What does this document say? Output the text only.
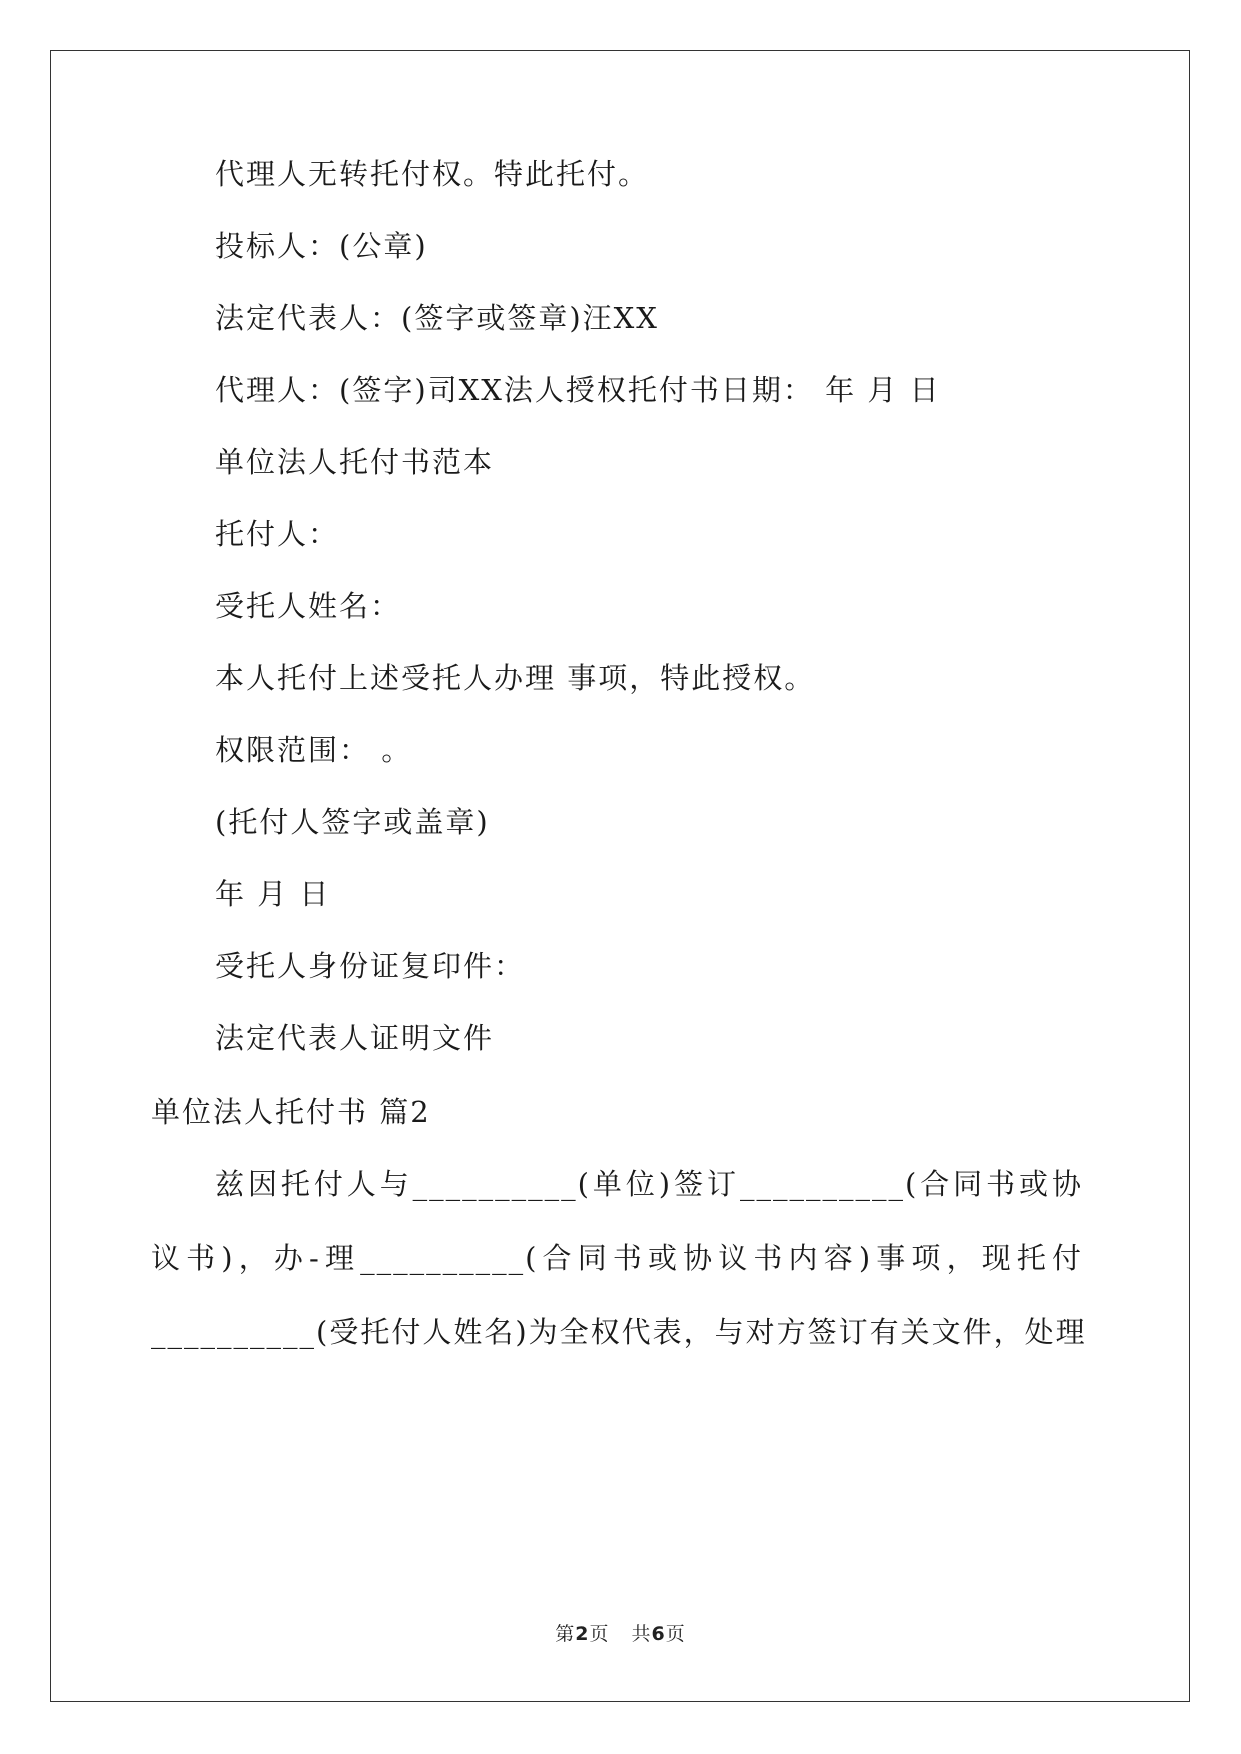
代理人无转托付权。特此托付。
投标人：(公章)
法定代表人：(签字或签章)汪XX
代理人：(签字)司XX法人授权托付书日期： 年 月 日
单位法人托付书范本
托付人：
受托人姓名：
本人托付上述受托人办理 事项，特此授权。
权限范围： 。
(托付人签字或盖章)
年 月 日
受托人身份证复印件：
法定代表人证明文件
单位法人托付书 篇2
兹因托付人与__________(单位)签订__________(合同书或协
议书)，办-理__________(合同书或协议书内容)事项，现托付
__________(受托付人姓名)为全权代表，与对方签订有关文件，处理
第2页 共6页
